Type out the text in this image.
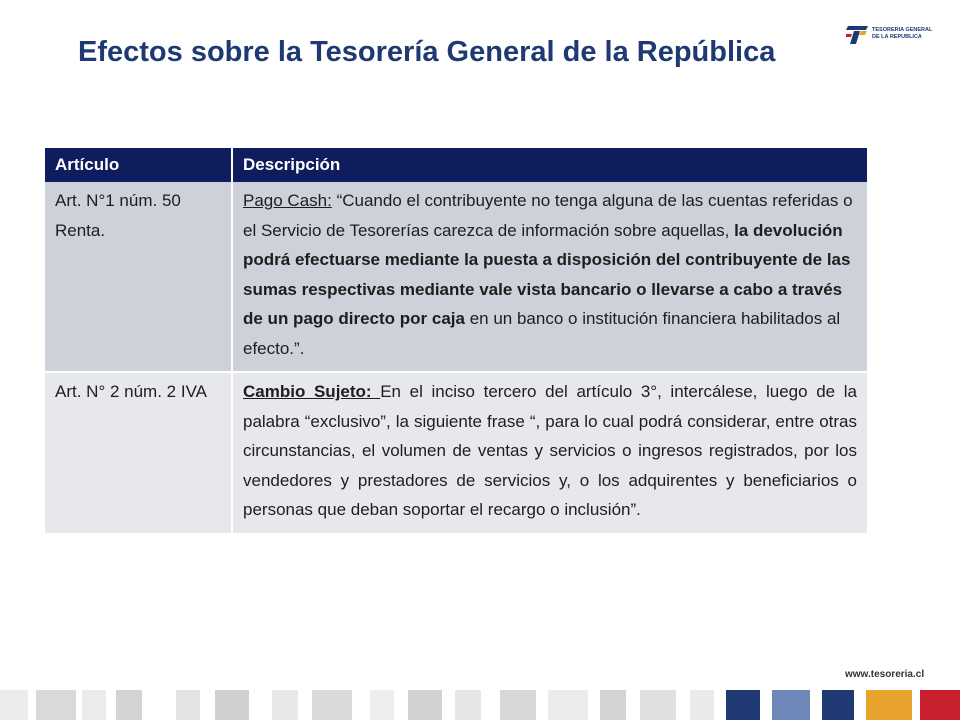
Efectos sobre la Tesorería General de la República
TESORERIA GENERAL
DE LA REPUBLICA
Artículo	Descripción
Art. N°1 núm. 50 Renta.	Pago Cash: “Cuando el contribuyente no tenga alguna de las cuentas referidas o el Servicio de Tesorerías carezca de información sobre aquellas, la devolución podrá efectuarse mediante la puesta a disposición del contribuyente de las sumas respectivas mediante vale vista bancario o llevarse a cabo a través de un pago directo por caja en un banco o institución financiera habilitados al efecto.”.
Art. N° 2 núm. 2 IVA	Cambio Sujeto: En el inciso tercero del artículo 3°, intercálese, luego de la palabra “exclusivo”, la siguiente frase “, para lo cual podrá considerar, entre otras circunstancias, el volumen de ventas y servicios o ingresos registrados, por los vendedores y prestadores de servicios y, o los adquirentes y beneficiarios o personas que deban soportar el recargo o inclusión”.
www.tesoreria.cl
